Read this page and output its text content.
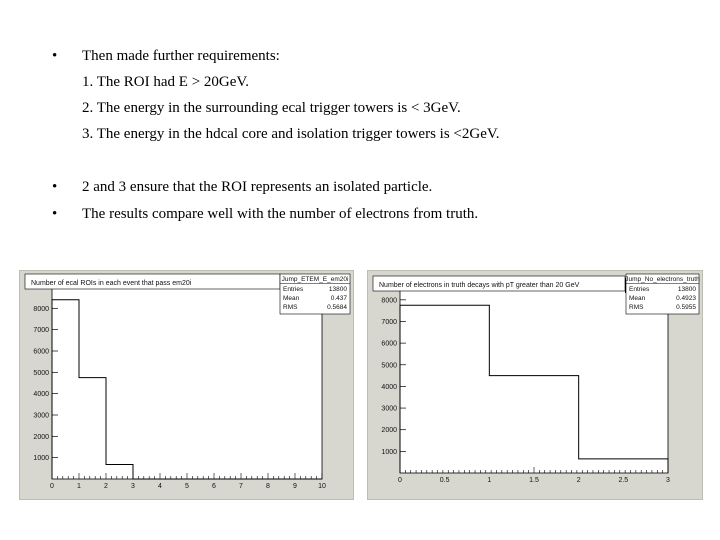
•	Then made further requirements:
1. The ROI had E > 20GeV.
2. The energy in the surrounding ecal trigger towers is < 3GeV.
3. The energy in the hdcal core and isolation trigger towers is <2GeV.
•	2 and 3 ensure that the ROI represents an isolated particle.
•	The results compare well with the number of electrons from truth.
1000
2000
3000
4000
5000
6000
7000
8000
0	1	2	3	4	5	6	7	8	9	10
Number of ecal ROIs in each event that pass em20i
Jump_ETEM_E_em20i
Entries	13800
Mean	0.437
RMS	0.5684
1000
2000
3000
4000
5000
6000
7000
8000
0	0.5	1	1.5	2	2.5	3
Number of electrons in truth decays with pT greater than 20 GeV
Jump_No_electrons_truth
Entries	13800
Mean	0.4923
RMS	0.5955
